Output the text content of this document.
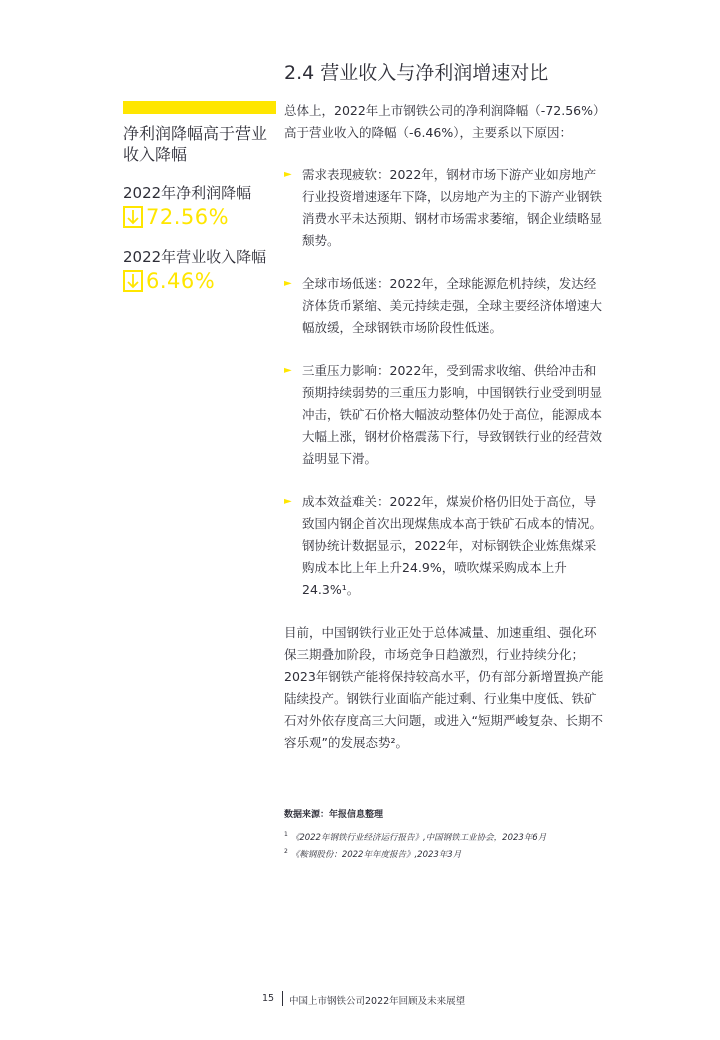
2.4 营业收入与净利润增速对比
净利润降幅高于营业收入降幅
2022年净利润降幅
72.56%
2022年营业收入降幅
6.46%

总体上，2022年上市钢铁公司的净利润降幅（-72.56%）高于营业收入的降幅（-6.46%），主要系以下原因：

► 需求表现疲软：2022年，钢材市场下游产业如房地产行业投资增速逐年下降，以房地产为主的下游产业钢铁消费水平未达预期、钢材市场需求萎缩，钢企业绩略显颓势。
► 全球市场低迷：2022年，全球能源危机持续，发达经济体货币紧缩、美元持续走强，全球主要经济体增速大幅放缓，全球钢铁市场阶段性低迷。
► 三重压力影响：2022年，受到需求收缩、供给冲击和预期持续弱势的三重压力影响，中国钢铁行业受到明显冲击，铁矿石价格大幅波动整体仍处于高位，能源成本大幅上涨，钢材价格震荡下行，导致钢铁行业的经营效益明显下滑。
► 成本效益难关：2022年，煤炭价格仍旧处于高位，导致国内钢企首次出现煤焦成本高于铁矿石成本的情况。钢协统计数据显示，2022年，对标钢铁企业炼焦煤采购成本比上年上升24.9%，喷吹煤采购成本上升24.3%¹。

目前，中国钢铁行业正处于总体减量、加速重组、强化环保三期叠加阶段，市场竞争日趋激烈，行业持续分化；2023年钢铁产能将保持较高水平，仍有部分新增置换产能陆续投产。钢铁行业面临产能过剩、行业集中度低、铁矿石对外依存度高三大问题，或进入“短期严峻复杂、长期不容乐观”的发展态势²。

数据来源：年报信息整理
$^1$ 《2022年钢铁行业经济运行报告》,中国钢铁工业协会，2023年6月
$^2$ 《鞍钢股份：2022年年度报告》,2023年3月
15 中国上市钢铁公司2022年回顾及未来展望
